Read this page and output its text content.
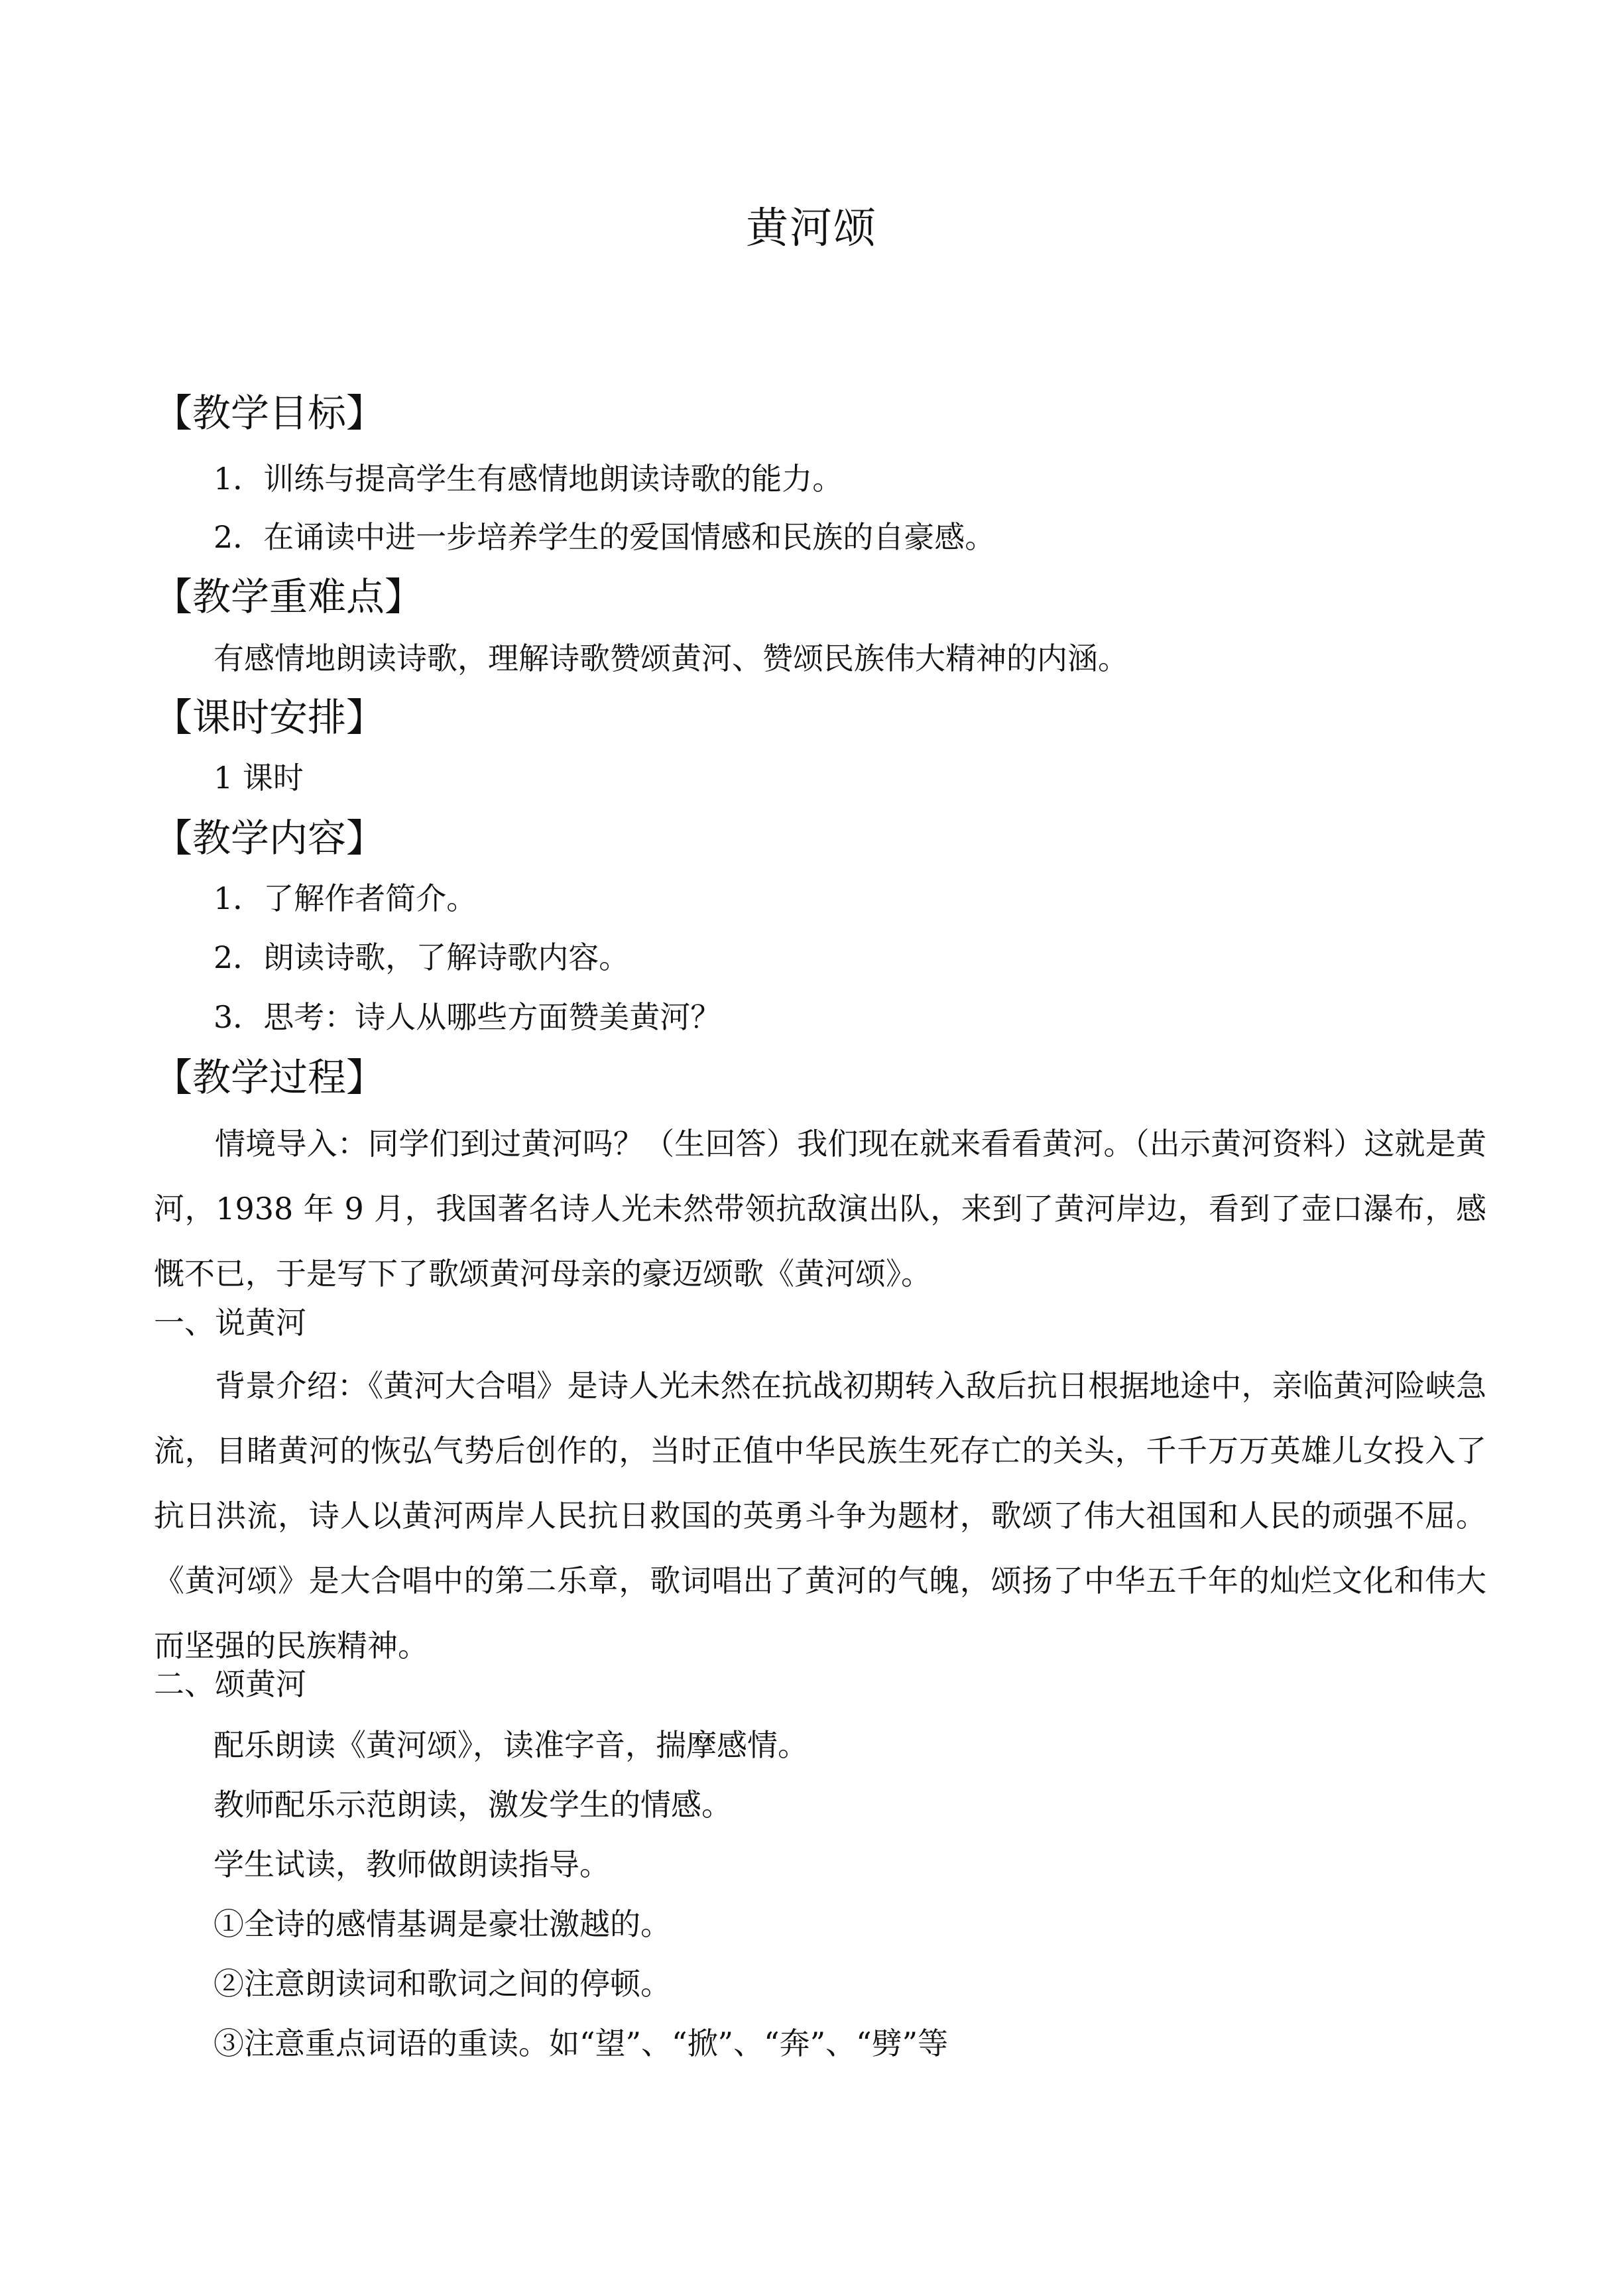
黄河颂
【教学目标】

1．训练与提高学生有感情地朗读诗歌的能力。

2．在诵读中进一步培养学生的爱国情感和民族的自豪感。

【教学重难点】

有感情地朗读诗歌，理解诗歌赞颂黄河、赞颂民族伟大精神的内涵。

【课时安排】

1 课时

【教学内容】

1．了解作者简介。

2．朗读诗歌，了解诗歌内容。

3．思考：诗人从哪些方面赞美黄河？

【教学过程】

情境导入：同学们到过黄河吗？（生回答）我们现在就来看看黄河。（出示黄河资料）这就是黄河，1938 年 9 月，我国著名诗人光未然带领抗敌演出队，来到了黄河岸边，看到了壶口瀑布，感慨不已，于是写下了歌颂黄河母亲的豪迈颂歌《黄河颂》。

一、说黄河

背景介绍：《黄河大合唱》是诗人光未然在抗战初期转入敌后抗日根据地途中，亲临黄河险峡急流，目睹黄河的恢弘气势后创作的，当时正值中华民族生死存亡的关头，千千万万英雄儿女投入了抗日洪流，诗人以黄河两岸人民抗日救国的英勇斗争为题材，歌颂了伟大祖国和人民的顽强不屈。《黄河颂》是大合唱中的第二乐章，歌词唱出了黄河的气魄，颂扬了中华五千年的灿烂文化和伟大而坚强的民族精神。

二、颂黄河

配乐朗读《黄河颂》，读准字音，揣摩感情。

教师配乐示范朗读，激发学生的情感。

学生试读，教师做朗读指导。

①全诗的感情基调是豪壮激越的。

②注意朗读词和歌词之间的停顿。

③注意重点词语的重读。如“望”、“掀”、“奔”、“劈”等
